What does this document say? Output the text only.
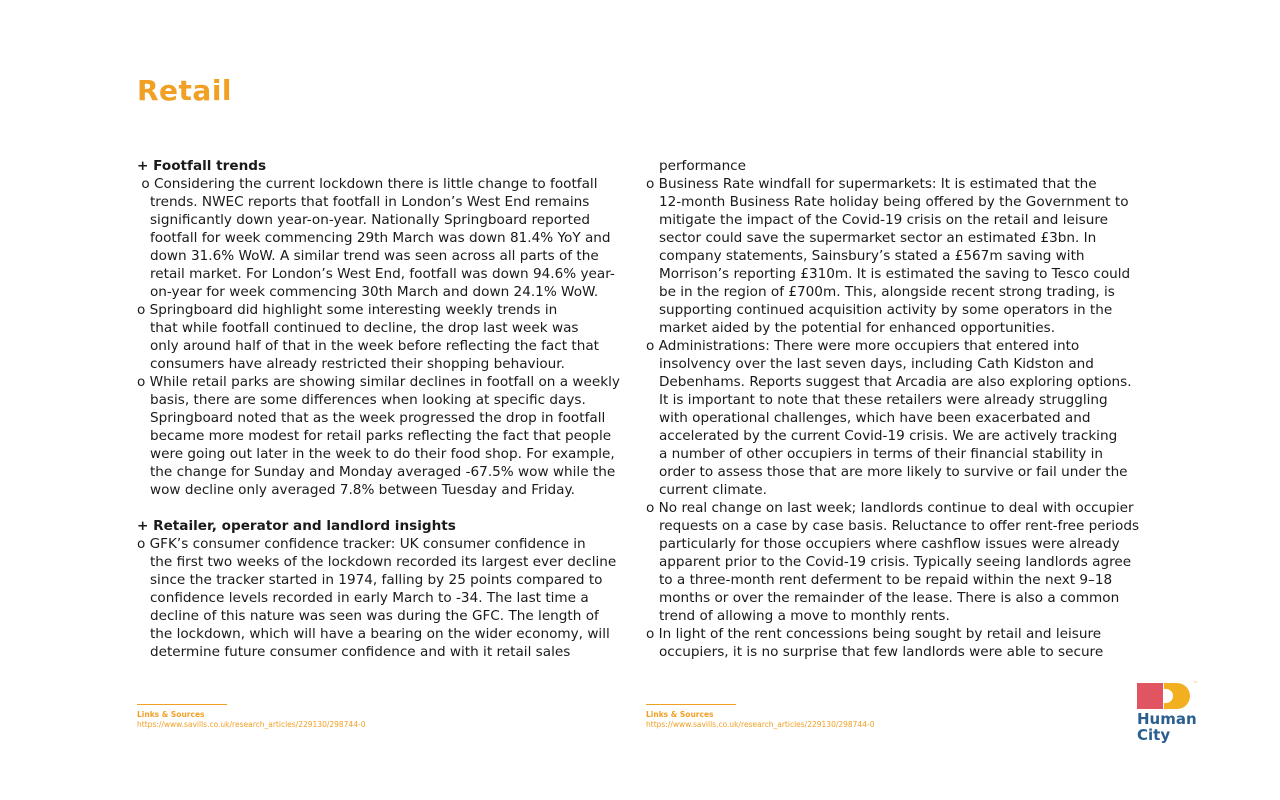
Retail
+ Footfall trends
o Considering the current lockdown there is little change to footfall
trends. NWEC reports that footfall in London’s West End remains
significantly down year-on-year. Nationally Springboard reported
footfall for week commencing 29th March was down 81.4% YoY and
down 31.6% WoW. A similar trend was seen across all parts of the
retail market. For London’s West End, footfall was down 94.6% year-
on-year for week commencing 30th March and down 24.1% WoW.
o Springboard did highlight some interesting weekly trends in
that while footfall continued to decline, the drop last week was
only around half of that in the week before reflecting the fact that
consumers have already restricted their shopping behaviour.
o While retail parks are showing similar declines in footfall on a weekly
basis, there are some differences when looking at specific days.
Springboard noted that as the week progressed the drop in footfall
became more modest for retail parks reflecting the fact that people
were going out later in the week to do their food shop. For example,
the change for Sunday and Monday averaged -67.5% wow while the
wow decline only averaged 7.8% between Tuesday and Friday.
+ Retailer, operator and landlord insights
o GFK’s consumer confidence tracker: UK consumer confidence in
the first two weeks of the lockdown recorded its largest ever decline
since the tracker started in 1974, falling by 25 points compared to
confidence levels recorded in early March to -34. The last time a
decline of this nature was seen was during the GFC. The length of
the lockdown, which will have a bearing on the wider economy, will
determine future consumer confidence and with it retail sales
performance
o Business Rate windfall for supermarkets: It is estimated that the
12-month Business Rate holiday being offered by the Government to
mitigate the impact of the Covid-19 crisis on the retail and leisure
sector could save the supermarket sector an estimated £3bn. In
company statements, Sainsbury’s stated a £567m saving with
Morrison’s reporting £310m. It is estimated the saving to Tesco could
be in the region of £700m. This, alongside recent strong trading, is
supporting continued acquisition activity by some operators in the
market aided by the potential for enhanced opportunities.
o Administrations: There were more occupiers that entered into
insolvency over the last seven days, including Cath Kidston and
Debenhams. Reports suggest that Arcadia are also exploring options.
It is important to note that these retailers were already struggling
with operational challenges, which have been exacerbated and
accelerated by the current Covid-19 crisis. We are actively tracking
a number of other occupiers in terms of their financial stability in
order to assess those that are more likely to survive or fail under the
current climate.
o No real change on last week; landlords continue to deal with occupier
requests on a case by case basis. Reluctance to offer rent-free periods
particularly for those occupiers where cashflow issues were already
apparent prior to the Covid-19 crisis. Typically seeing landlords agree
to a three-month rent deferment to be repaid within the next 9–18
months or over the remainder of the lease. There is also a common
trend of allowing a move to monthly rents.
o In light of the rent concessions being sought by retail and leisure
occupiers, it is no surprise that few landlords were able to secure
Links & Sources
https://www.savills.co.uk/research_articles/229130/298744-0
Links & Sources
https://www.savills.co.uk/research_articles/229130/298744-0
™
Human
City
